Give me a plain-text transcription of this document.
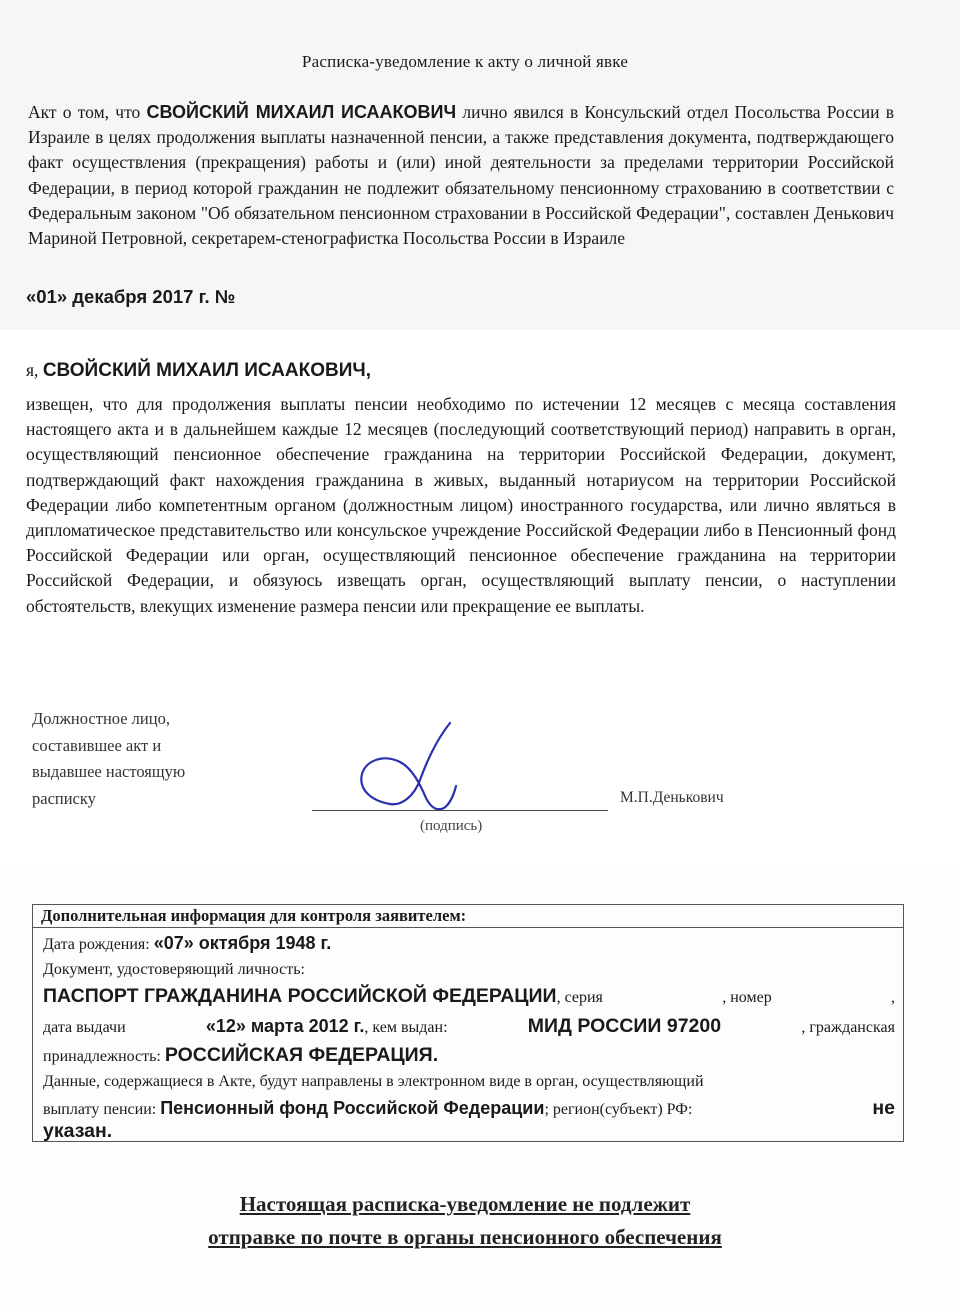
Расписка-уведомление к акту о личной явке
Акт о том, что СВОЙСКИЙ МИХАИЛ ИСААКОВИЧ лично явился в Консульский отдел Посольства России в Израиле в целях продолжения выплаты назначенной пенсии, а также представления документа, подтверждающего факт осуществления (прекращения) работы и (или) иной деятельности за пределами территории Российской Федерации, в период которой гражданин не подлежит обязательному пенсионному страхованию в соответствии с Федеральным законом "Об обязательном пенсионном страховании в Российской Федерации", составлен Денькович Мариной Петровной, секретарем-стенографистка Посольства России в Израиле
«01» декабря 2017 г. №
я, СВОЙСКИЙ МИХАИЛ ИСААКОВИЧ,
извещен, что для продолжения выплаты пенсии необходимо по истечении 12 месяцев с месяца составления настоящего акта и в дальнейшем каждые 12 месяцев (последующий соответствующий период) направить в орган, осуществляющий пенсионное обеспечение гражданина на территории Российской Федерации, документ, подтверждающий факт нахождения гражданина в живых, выданный нотариусом на территории Российской Федерации либо компетентным органом (должностным лицом) иностранного государства, или лично являться в дипломатическое представительство или консульское учреждение Российской Федерации либо в Пенсионный фонд Российской Федерации или орган, осуществляющий пенсионное обеспечение гражданина на территории Российской Федерации, и обязуюсь извещать орган, осуществляющий выплату пенсии, о наступлении обстоятельств, влекущих изменение размера пенсии или прекращение ее выплаты.
Должностное лицо,
составившее акт и
выдавшее настоящую
расписку
(подпись)
М.П.Денькович
Дополнительная информация для контроля заявителем:
Дата рождения: «07» октября 1948 г.
Документ, удостоверяющий личность:
ПАСПОРТ ГРАЖДАНИНА РОССИЙСКОЙ ФЕДЕРАЦИИ, серия	, номер	,
дата выдачи	«12» марта 2012 г., кем выдан:	МИД РОССИИ 97200	, гражданская
принадлежность: РОССИЙСКАЯ ФЕДЕРАЦИЯ.
Данные, содержащиеся в Акте, будут направлены в электронном виде в орган, осуществляющий
выплату пенсии: Пенсионный фонд Российской Федерации; регион(субъект) РФ:	не
указан.
Настоящая расписка-уведомление не подлежит
отправке по почте в органы пенсионного обеспечения
